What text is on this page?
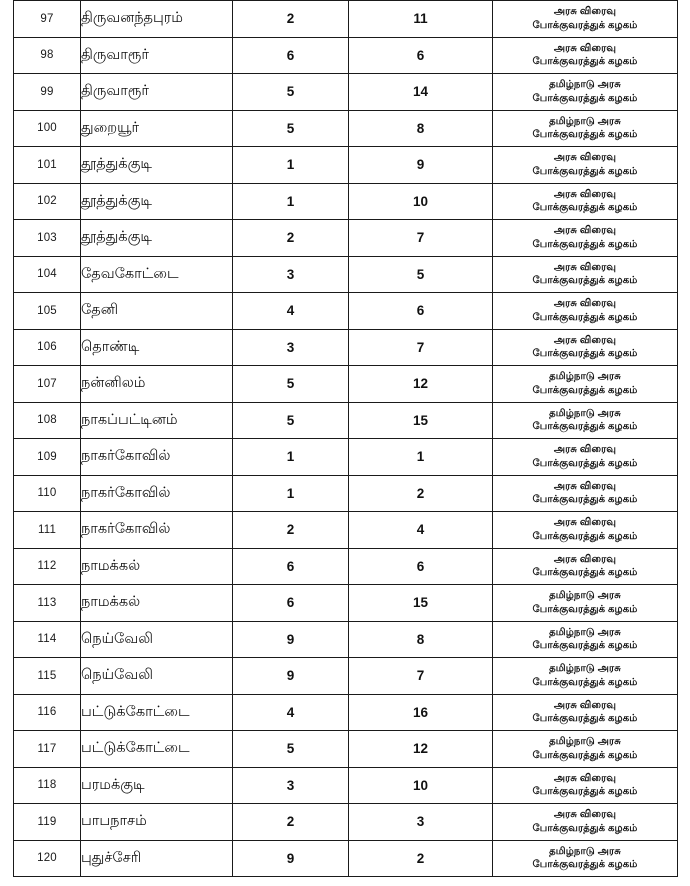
97	திருவனந்தபுரம்	2	11	அரசு விரைவு
போக்குவரத்துக் கழகம்

98	திருவாரூர்	6	6	அரசு விரைவு
போக்குவரத்துக் கழகம்

99	திருவாரூர்	5	14	தமிழ்நாடு அரசு
போக்குவரத்துக் கழகம்

100	துறையூர்	5	8	தமிழ்நாடு அரசு
போக்குவரத்துக் கழகம்

101	தூத்துக்குடி	1	9	அரசு விரைவு
போக்குவரத்துக் கழகம்

102	தூத்துக்குடி	1	10	அரசு விரைவு
போக்குவரத்துக் கழகம்

103	தூத்துக்குடி	2	7	அரசு விரைவு
போக்குவரத்துக் கழகம்

104	தேவகோட்டை	3	5	அரசு விரைவு
போக்குவரத்துக் கழகம்

105	தேனி	4	6	அரசு விரைவு
போக்குவரத்துக் கழகம்

106	தொண்டி	3	7	அரசு விரைவு
போக்குவரத்துக் கழகம்

107	நன்னிலம்	5	12	தமிழ்நாடு அரசு
போக்குவரத்துக் கழகம்

108	நாகப்பட்டினம்	5	15	தமிழ்நாடு அரசு
போக்குவரத்துக் கழகம்

109	நாகர்கோவில்	1	1	அரசு விரைவு
போக்குவரத்துக் கழகம்

110	நாகர்கோவில்	1	2	அரசு விரைவு
போக்குவரத்துக் கழகம்

111	நாகர்கோவில்	2	4	அரசு விரைவு
போக்குவரத்துக் கழகம்

112	நாமக்கல்	6	6	அரசு விரைவு
போக்குவரத்துக் கழகம்

113	நாமக்கல்	6	15	தமிழ்நாடு அரசு
போக்குவரத்துக் கழகம்

114	நெய்வேலி	9	8	தமிழ்நாடு அரசு
போக்குவரத்துக் கழகம்

115	நெய்வேலி	9	7	தமிழ்நாடு அரசு
போக்குவரத்துக் கழகம்

116	பட்டுக்கோட்டை	4	16	அரசு விரைவு
போக்குவரத்துக் கழகம்

117	பட்டுக்கோட்டை	5	12	தமிழ்நாடு அரசு
போக்குவரத்துக் கழகம்

118	பரமக்குடி	3	10	அரசு விரைவு
போக்குவரத்துக் கழகம்

119	பாபநாசம்	2	3	அரசு விரைவு
போக்குவரத்துக் கழகம்

120	புதுச்சேரி	9	2	தமிழ்நாடு அரசு
போக்குவரத்துக் கழகம்
